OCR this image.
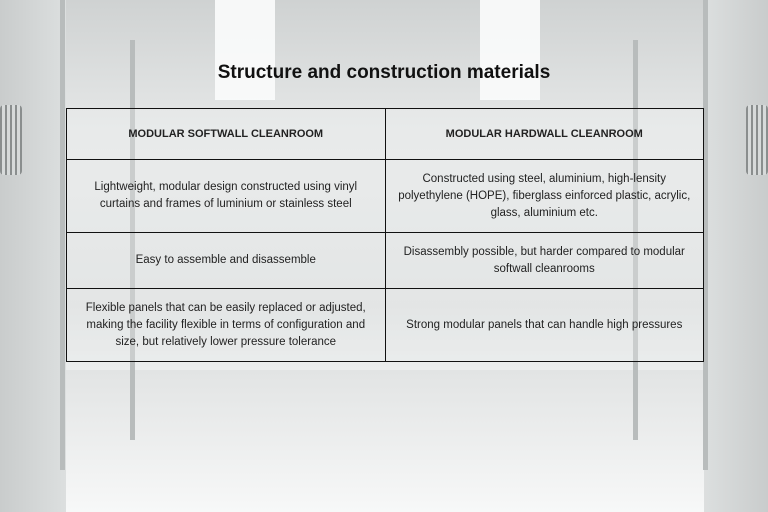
Structure and construction materials
MODULAR SOFTWALL CLEANROOM	MODULAR HARDWALL CLEANROOM
Lightweight, modular design constructed using vinyl curtains and frames of luminium or stainless steel	Constructed using steel, aluminium, high-lensity polyethylene (HOPE), fiberglass einforced plastic, acrylic, glass, aluminium etc.
Easy to assemble and disassemble	Disassembly possible, but harder compared to modular softwall cleanrooms
Flexible panels that can be easily replaced or adjusted, making the facility flexible in terms of configuration and size, but relatively lower pressure tolerance	Strong modular panels that can handle high pressures
